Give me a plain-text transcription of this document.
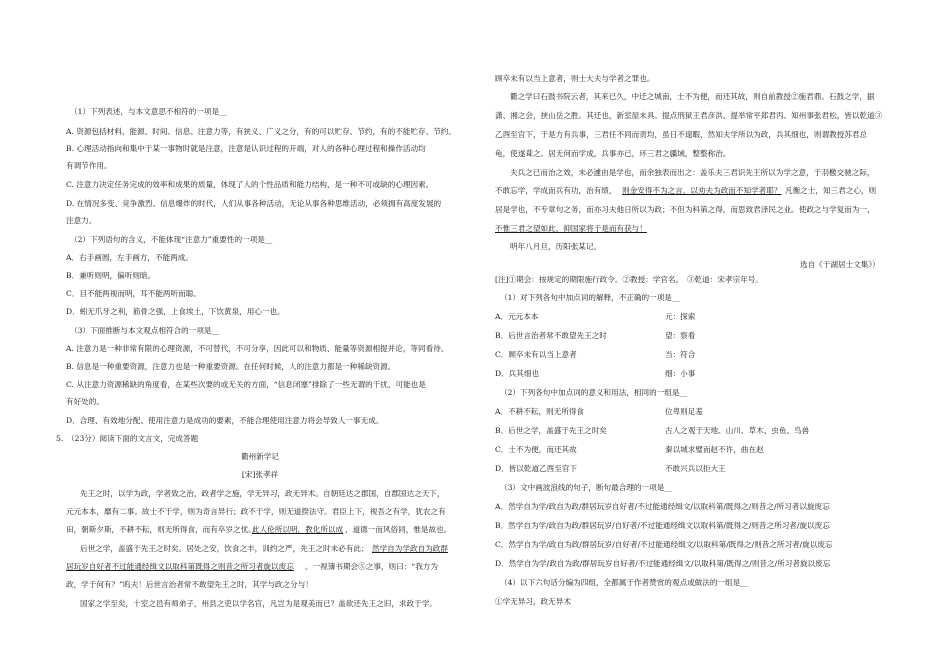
（1）下列表述，与本文意思不相符的一项是__
A. 资源包括材料、能源、时间、信息、注意力等，有狭义、广义之分，有的可以贮存、节约，有的不能贮存、节约。
B. 心理活动指向和集中于某一事物时就是注意，注意是认识过程的开端，对人的各种心理过程和操作活动均
有调节作用。
C. 注意力决定任务完成的效率和成果的质量，体现了人的个性品质和能力结构，是一种不可或缺的心理因素。
D. 在情况多变、竞争激烈、信息爆炸的时代，人们从事各种活动，无论从事各种思维活动，必须拥有高度发展的
注意力。
（2）下列语句的含义，不能体现“注意力”重要性的一项是__
A．右手画圆，左手画方，不能两成。
B．兼听则明，偏听则暗。
C．目不能两视而明，耳不能两听而聪。
D．蚓无爪牙之利，筋骨之强，上食埃土，下饮黄泉，用心一也。
（3）下面推断与本文观点相符合的一项是__
A. 注意力是一种非常有限的心理资源，不可替代，不可分享，因此可以和物质、能量等资源相提并论，等同看待。
B. 信息是一种重要资源，注意力也是一种重要资源。在任何时候，人的注意力都是一种稀缺资源。
C. 从注意力资源稀缺的角度看，在某些次要的或无关的方面，“信息闭塞”排除了一些无谓的干扰，可能也是
有好处的。
D．合理、有效地分配、使用注意力是成功的要素，不能合理使用注意力将会导致人一事无成。
5.　（23分）阅读下面的文言文，完成答题
衢州新学记
[宋]张孝祥
先王之时，以学为政，学者致之治，政者学之施，学无异习，政无异术。自朝廷达之郡国，自郡国达之天下，
元元本本，靡有二事。故士不于学，则为奇言异行；政不于学，则无道揆法守。君臣上下，视吾之有学，犹农之有
田，朝斯夕斯，不耕不耘，则无所得食，而有卒岁之忧。
此人伦所以明，教化所以成 ，道德一而风俗同，惟是故也。
后世之学，盖盛于先王之时矣。居处之安，饮食之丰，训约之严，先王之时未必有此； 然学自为学政自为政群
居玩岁自好者不过能通经缉文以取科第既得之则昔之所习者旋以废忘 。一视簿书期会⑤之事，则曰：“我方为
政，学于何有？”呜夫！后世言治者常不敢望先王之时，其学与政之分与！
国家之学至矣，十室之邑有师弟子，州县之吏以学名官，凡岂为是观美而已？盖欲还先王之旧，求政于学。
顾卒未有以当上意者，则士大夫与学者之罪也。
衢之学曰石鼓书院云者，其来已久，中迁之城南，士不为便，而还其故，则自前教授②施君鼎。石鼓之学，据
潇、湘之会，挟山岳之胜。其迁也，新室屋未具。提点刑狱王君彦洪、提举常平郑君丙、知州事张君松，皆以乾道③
乙酉至官下，于是方有兵事，三君任不同而责均，虽日不遑暇，然知夫学所以为政，兵其细也，则谓教授苏君总
龟，使遂葺之。居无何而学成，兵事亦已，环三君之疆域，整整称治。
夫兵之已而治之效，未必遽由是学也，而余独表而出之：盖乐夫三君识先王所以为学之意，于羽檄交驰之际，
不敢忘学，学成而兵有功，治有绩， 则金安得不为之言，以劝夫为政而不知学者耶？ 凡衡之士，知三君之心，则
居是学也，不专章句之务，而亦习夫他日所以为政；不但为科第之得，而思致君泽民之业。使政之与学复而为一，
不惟三君之望如此，抑国家将于是而有获与！
明年八月旦，历阳张某记。
选自《于湖居士文集》）
[注]①期会：按规定的期限施行政令。②教授：学官名。　③乾道：宋孝宗年号。
（1）对下列各句中加点词的解释，不正确的一项是__
A．元元本本	元：探索
B．后世言治者常不敢望先王之时	望：察看
C．顾卒未有以当上意者	当：符合
D．兵其细也	细：小事
（2）下列各句中加点词的意义和用法，相同的一组是__
A．不耕不耘，则无所得食	位卑则足羞
B．后世之学，盖盛于先王之时矣	古人之观于天地、山川、草木、虫鱼、鸟兽
C．士不为便，而还其故	秦以城求璧而赵不许，曲在赵
D．皆以乾道乙酉至官下	不敢兴兵以拒大王
（3）文中画波浪线的句子，断句最合理的一项是__
A．然学自为学/政自为政/群居玩岁自好者/不过能通经缉文/以取科第/既得之/则昔之/所习者以旋废忘
B．然学自为学/政自为政/群居玩岁/自好者/不过能通经缉文以取科第/既得之/则昔之所习者/旋以废忘
C．然学自为学/政自为政/群居玩岁/自好者/不过能通经缉文/以取科第/既得之/则昔之所习者/旋以废忘
D．然学自为学/政自为政/群居玩岁自好者/不过能通经缉文/以取科第/既得之/则昔之/所习者旋以废忘
（4）以下六句话分编为四组，全都属于作者赞赏的观点或做法的一组是__
①学无异习，政无异术
